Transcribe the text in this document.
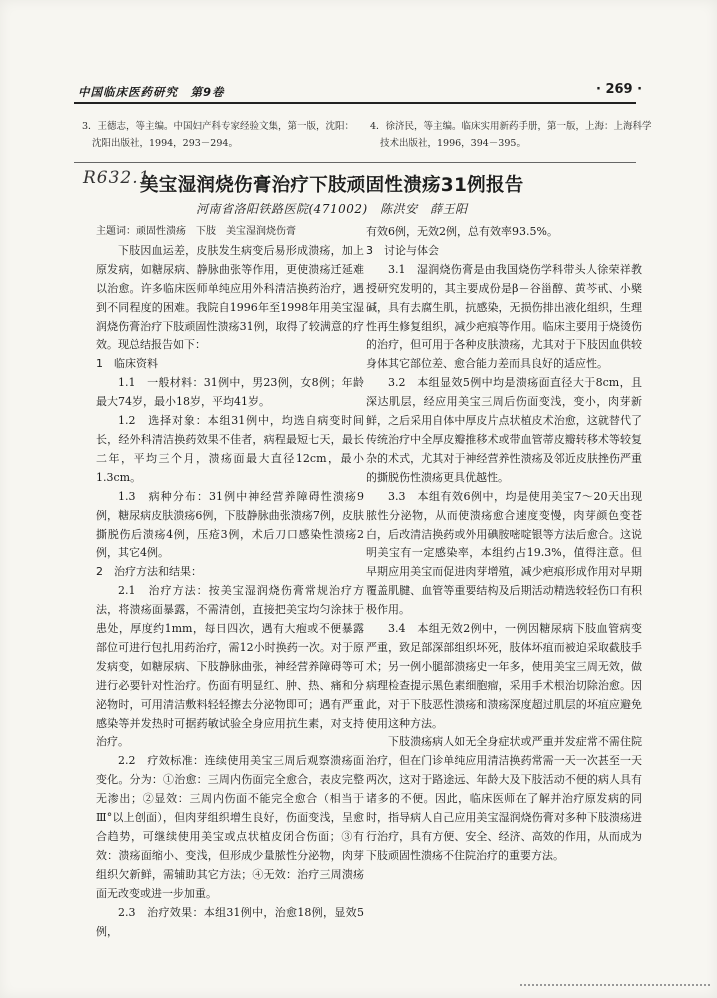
中国临床医药研究　第9卷	· 269 ·

3．王德志，等主编。中国妇产科专家经验文集，第一版，沈阳：沈阳出版社，1994，293－294。

4．徐济民，等主编。临床实用新药手册，第一版，上海：上海科学技术出版社，1996，394－395。

R632.1
美宝湿润烧伤膏治疗下肢顽固性溃疡31例报告
河南省洛阳铁路医院(471002)　陈洪安　薛王阳

主题词：顽固性溃疡　下肢　美宝湿润烧伤膏

下肢因血运差，皮肤发生病变后易形成溃疡，加上原发病，如糖尿病、静脉曲张等作用，更使溃疡迁延难以治愈。许多临床医师单纯应用外科清洁换药治疗，遇到不同程度的困难。我院自1996年至1998年用美宝湿润烧伤膏治疗下肢顽固性溃疡31例，取得了较满意的疗效。现总结报告如下：

1　临床资料

1.1　一般材料：31例中，男23例，女8例；年龄最大74岁，最小18岁，平均41岁。

1.2　选择对象：本组31例中，均选自病变时间长，经外科清洁换药效果不佳者，病程最短七天，最长二年，平均三个月，溃疡面最大直径12cm，最小1.3cm。

1.3　病种分布：31例中神经营养障碍性溃疡9例，糖尿病皮肤溃疡6例，下肢静脉曲张溃疡7例，皮肤撕脱伤后溃疡4例，压疮3例，术后刀口感染性溃疡2例，其它4例。

2　治疗方法和结果：

2.1　治疗方法：按美宝湿润烧伤膏常规治疗方法，将溃疡面暴露，不需清创，直接把美宝均匀涂抹于患处，厚度约1mm，每日四次，遇有大疱或不便暴露部位可进行包扎用药治疗，需12小时换药一次。对于原发病变，如糖尿病、下肢静脉曲张，神经营养障碍等可进行必要针对性治疗。伤面有明显红、肿、热、痛和分泌物时，可用清洁敷料轻轻擦去分泌物即可；遇有严重感染等并发热时可据药敏试验全身应用抗生素，对支持治疗。

2.2　疗效标准：连续使用美宝三周后观察溃疡面变化。分为：①治愈：三周内伤面完全愈合，表皮完整无渗出；②显效：三周内伤面不能完全愈合（相当于Ⅲ°以上创面），但肉芽组织增生良好，伤面变浅，呈愈合趋势，可继续使用美宝或点状植皮闭合伤面；③有效：溃疡面缩小、变浅，但形成少量脓性分泌物，肉芽组织欠新鲜，需辅助其它方法；④无效：治疗三周溃疡面无改变或进一步加重。

2.3　治疗效果：本组31例中，治愈18例，显效5例，

有效6例，无效2例，总有效率93.5%。

3　讨论与体会

3.1　湿润烧伤膏是由我国烧伤学科带头人徐荣祥教授研究发明的，其主要成份是β－谷甾醇、黄芩甙、小檗碱，具有去腐生肌，抗感染，无损伤排出液化组织，生理性再生修复组织，减少疤痕等作用。临床主要用于烧烫伤的治疗，但可用于各种皮肤溃疡，尤其对于下肢因血供较身体其它部位差、愈合能力差而具良好的适应性。

3.2　本组显效5例中均是溃疡面直径大于8cm，且深达肌层，经应用美宝三周后伤面变浅，变小，肉芽新鲜，之后采用自体中厚皮片点状植皮术治愈，这就替代了传统治疗中全厚皮瓣推移术或带血管蒂皮瓣转移术等较复杂的术式，尤其对于神经营养性溃疡及邻近皮肤挫伤严重的撕脱伤性溃疡更具优越性。

3.3　本组有效6例中，均是使用美宝7～20天出现脓性分泌物，从而使溃疡愈合速度变慢，肉芽颜色变苍白，后改清洁换药或外用碘胺嘧啶银等方法后愈合。这说明美宝有一定感染率，本组约占19.3%，值得注意。但早期应用美宝而促进肉芽增殖，减少疤痕形成作用对早期覆盖肌腱、血管等重要结构及后期活动精选较轻伤口有积极作用。

3.4　本组无效2例中，一例因糖尿病下肢血管病变严重，致足部深部组织坏死，肢体坏疽而被迫采取截肢手术；另一例小腿部溃疡史一年多，使用美宝三周无效，做病理检查提示黑色素细胞瘤，采用手术根治切除治愈。因此，对于下肢恶性溃疡和溃疡深度超过肌层的坏疽应避免使用这种方法。

下肢溃疡病人如无全身症状或严重并发症常不需住院治疗，但在门诊单纯应用清洁换药常需一天一次甚至一天两次，这对于路途远、年龄大及下肢活动不便的病人具有诸多的不便。因此，临床医师在了解并治疗原发病的同时，指导病人自己应用美宝湿润烧伤膏对多种下肢溃疡进行治疗，具有方便、安全、经济、高效的作用，从而成为下肢顽固性溃疡不住院治疗的重要方法。
